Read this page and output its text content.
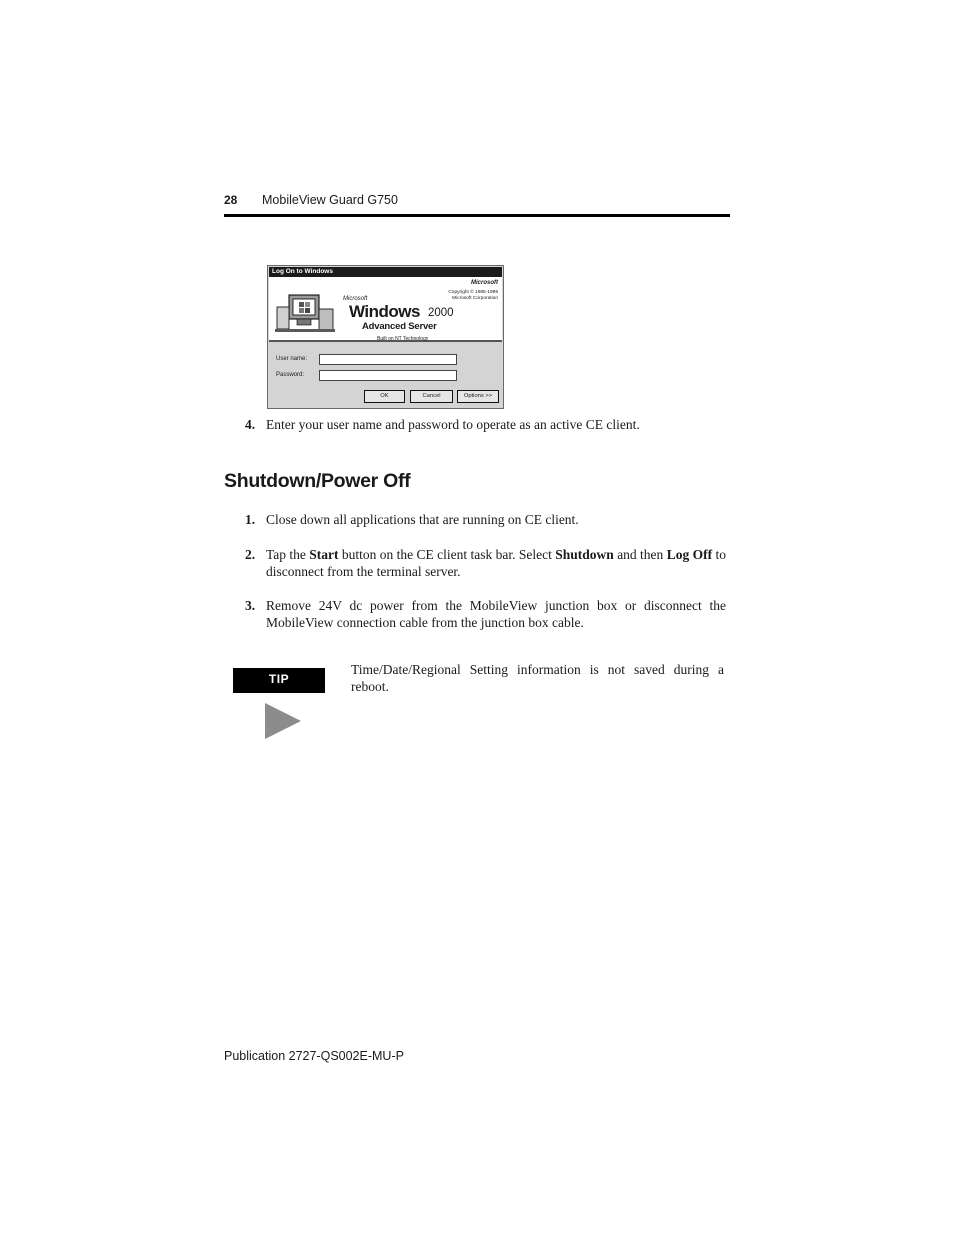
28 MobileView Guard G750
Log On to Windows
Microsoft
Copyright © 1985-1999
Microsoft Corporation
Microsoft
Windows 2000
Advanced Server
Built on NT Technology
User name:
Password:
OK	Cancel	Options >>
4. Enter your user name and password to operate as an active CE client.
Shutdown/Power Off
1. Close down all applications that are running on CE client.
2. Tap the Start button on the CE client task bar. Select Shutdown and then Log Off to disconnect from the terminal server.
3. Remove 24V dc power from the MobileView junction box or disconnect the MobileView connection cable from the junction box cable.
TIP
Time/Date/Regional Setting information is not saved during a reboot.
Publication 2727-QS002E-MU-P
